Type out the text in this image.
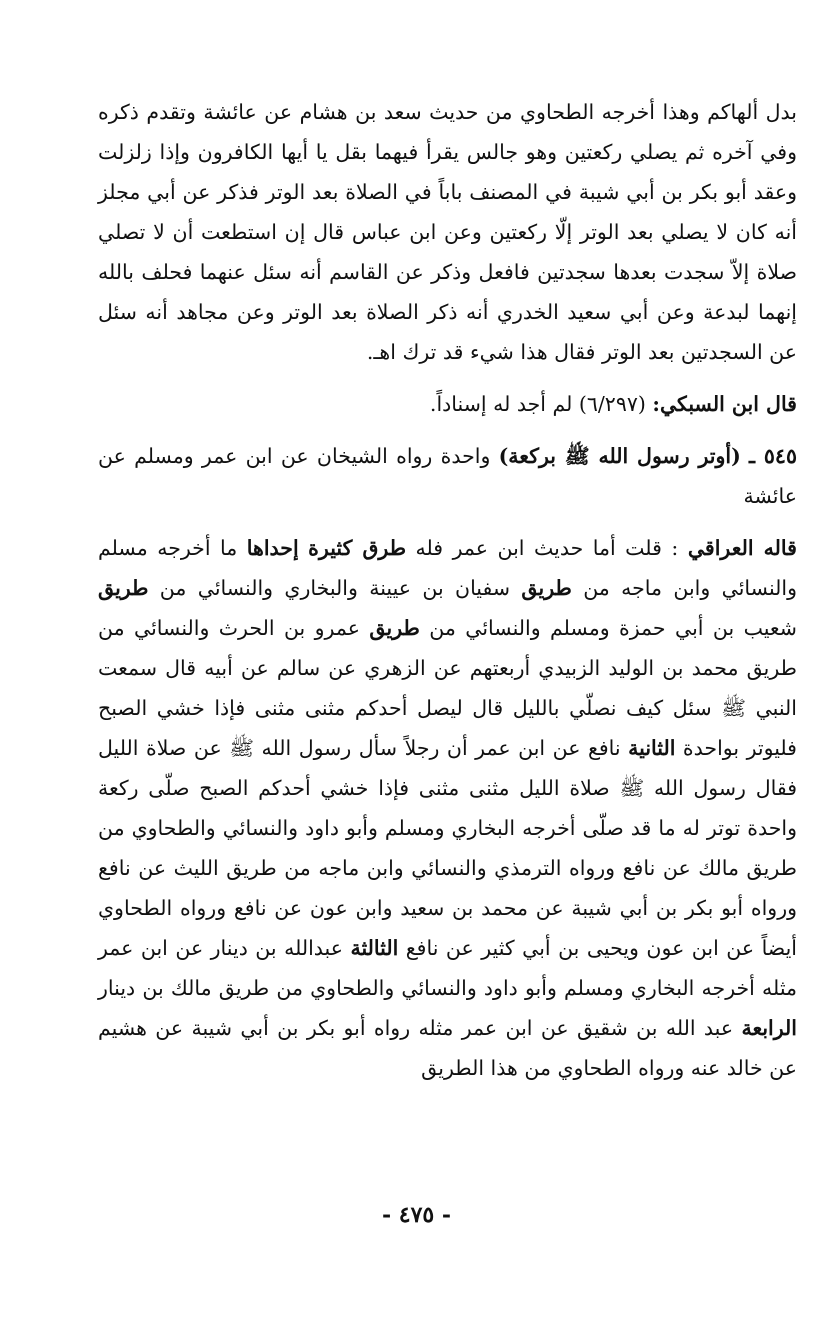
بدل ألهاكم وهذا أخرجه الطحاوي من حديث سعد بن هشام عن عائشة وتقدم ذكره وفي آخره ثم يصلي ركعتين وهو جالس يقرأ فيهما بقل يا أيها الكافرون وإذا زلزلت وعقد أبو بكر بن أبي شيبة في المصنف باباً في الصلاة بعد الوتر فذكر عن أبي مجلز أنه كان لا يصلي بعد الوتر إلّا ركعتين وعن ابن عباس قال إن استطعت أن لا تصلي صلاة إلاّ سجدت بعدها سجدتين فافعل وذكر عن القاسم أنه سئل عنهما فحلف بالله إنهما لبدعة وعن أبي سعيد الخدري أنه ذكر الصلاة بعد الوتر وعن مجاهد أنه سئل عن السجدتين بعد الوتر فقال هذا شيء قد ترك اهـ.

قال ابن السبكي: (٦/٢٩٧) لم أجد له إسناداً.

٥٤٥ ـ (أوتر رسول الله ﷺ بركعة) واحدة رواه الشيخان عن ابن عمر ومسلم عن عائشة

قاله العراقي : قلت أما حديث ابن عمر فله طرق كثيرة إحداها ما أخرجه مسلم والنسائي وابن ماجه من طريق سفيان بن عيينة والبخاري والنسائي من طريق شعيب بن أبي حمزة ومسلم والنسائي من طريق عمرو بن الحرث والنسائي من طريق محمد بن الوليد الزبيدي أربعتهم عن الزهري عن سالم عن أبيه قال سمعت النبي ﷺ سئل كيف نصلّي بالليل قال ليصل أحدكم مثنى مثنى فإذا خشي الصبح فليوتر بواحدة الثانية نافع عن ابن عمر أن رجلاً سأل رسول الله ﷺ عن صلاة الليل فقال رسول الله ﷺ صلاة الليل مثنى مثنى فإذا خشي أحدكم الصبح صلّى ركعة واحدة توتر له ما قد صلّى أخرجه البخاري ومسلم وأبو داود والنسائي والطحاوي من طريق مالك عن نافع ورواه الترمذي والنسائي وابن ماجه من طريق الليث عن نافع ورواه أبو بكر بن أبي شيبة عن محمد بن سعيد وابن عون عن نافع ورواه الطحاوي أيضاً عن ابن عون ويحيى بن أبي كثير عن نافع الثالثة عبدالله بن دينار عن ابن عمر مثله أخرجه البخاري ومسلم وأبو داود والنسائي والطحاوي من طريق مالك بن دينار الرابعة عبد الله بن شقيق عن ابن عمر مثله رواه أبو بكر بن أبي شيبة عن هشيم عن خالد عنه ورواه الطحاوي من هذا الطريق

- ٤٧٥ -
